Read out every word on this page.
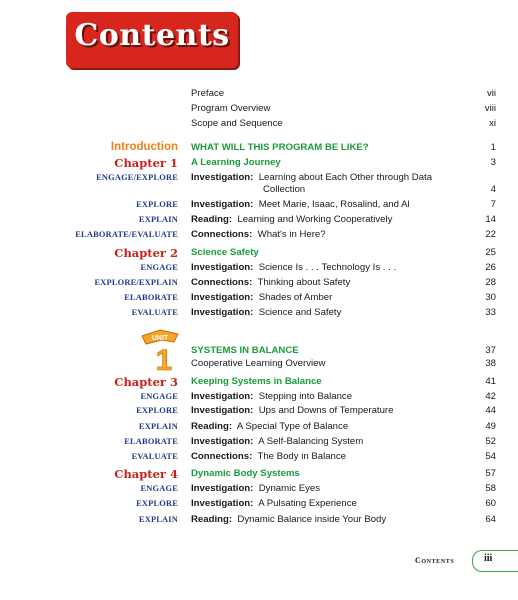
Contents
Preface	vii
Program Overview	viii
Scope and Sequence	xi
Introduction WHAT WILL THIS PROGRAM BE LIKE?	1
Chapter 1 A Learning Journey	3
ENGAGE/EXPLORE Investigation: Learning about Each Other through Data
Collection	4
EXPLORE Investigation: Meet Marie, Isaac, Rosalind, and Al	7
EXPLAIN Reading: Learning and Working Cooperatively	14
ELABORATE/EVALUATE Connections: What's in Here?	22
Chapter 2 Science Safety	25
ENGAGE Investigation: Science Is . . . Technology Is . . .	26
EXPLORE/EXPLAIN Connections: Thinking about Safety	28
ELABORATE Investigation: Shades of Amber	30
EVALUATE Investigation: Science and Safety	33
UNIT
1 SYSTEMS IN BALANCE	37
Cooperative Learning Overview	38
Chapter 3 Keeping Systems in Balance	41
ENGAGE Investigation: Stepping into Balance	42
EXPLORE Investigation: Ups and Downs of Temperature	44
EXPLAIN Reading: A Special Type of Balance	49
ELABORATE Investigation: A Self-Balancing System	52
EVALUATE Connections: The Body in Balance	54
Chapter 4 Dynamic Body Systems	57
ENGAGE Investigation: Dynamic Eyes	58
EXPLORE Investigation: A Pulsating Experience	60
EXPLAIN Reading: Dynamic Balance inside Your Body	64
Contents	iii
